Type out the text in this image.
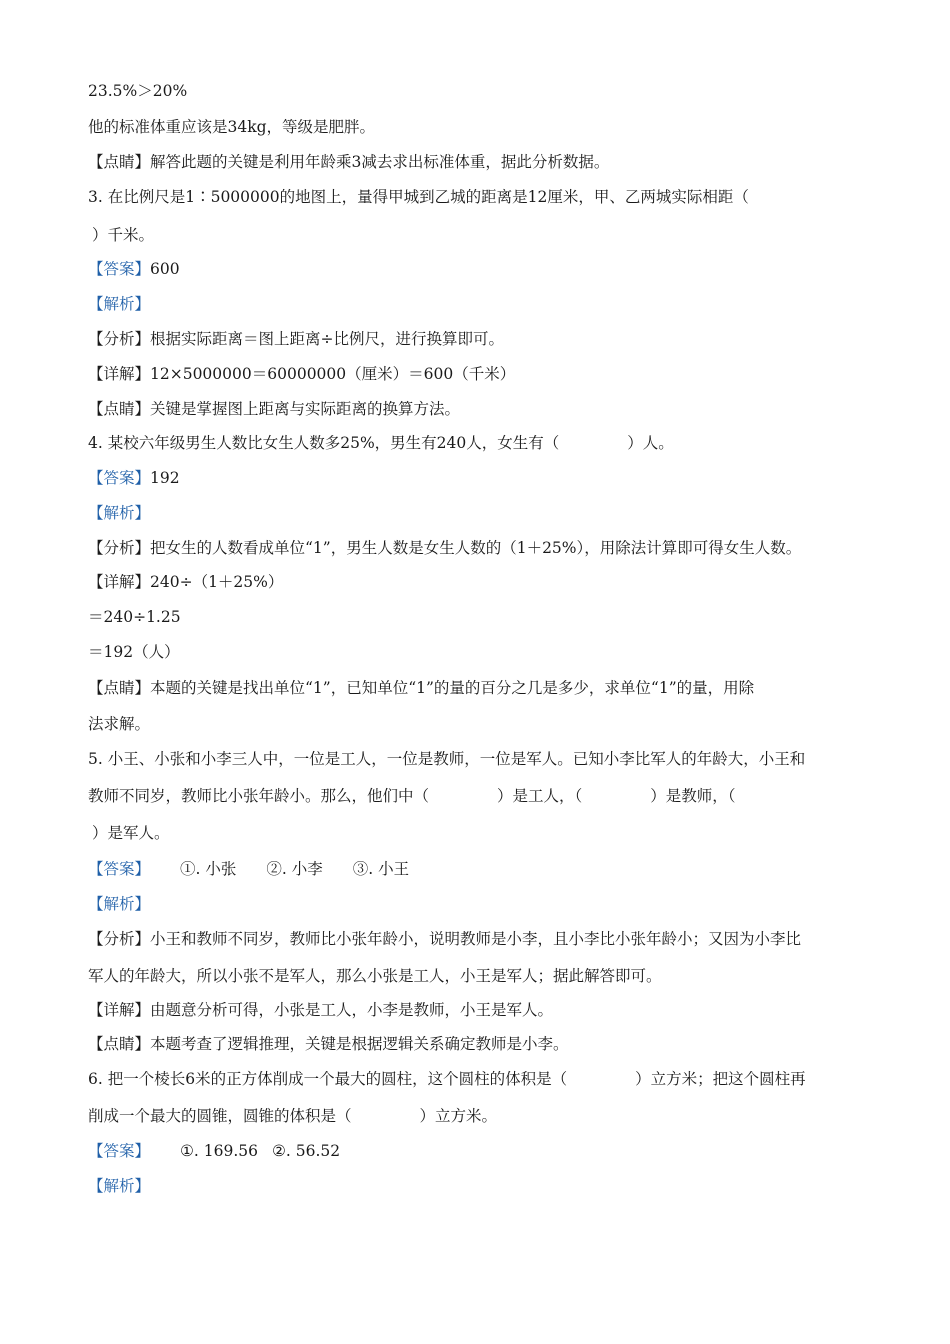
23.5%＞20%
他的标准体重应该是34kg，等级是肥胖。
【点睛】解答此题的关键是利用年龄乘3减去求出标准体重，据此分析数据。
3. 在比例尺是1∶5000000的地图上，量得甲城到乙城的距离是12厘米，甲、乙两城实际相距（
）千米。
【答案】600
【解析】
【分析】根据实际距离＝图上距离÷比例尺，进行换算即可。
【详解】12×5000000＝60000000（厘米）＝600（千米）
【点睛】关键是掌握图上距离与实际距离的换算方法。
4. 某校六年级男生人数比女生人数多25%，男生有240人，女生有（	）人。
【答案】192
【解析】
【分析】把女生的人数看成单位“1”，男生人数是女生人数的（1＋25%），用除法计算即可得女生人数。
【详解】240÷（1＋25%）
＝240÷1.25
＝192（人）
【点睛】本题的关键是找出单位“1”，已知单位“1”的量的百分之几是多少，求单位“1”的量，用除
法求解。
5. 小王、小张和小李三人中，一位是工人，一位是教师，一位是军人。已知小李比军人的年龄大，小王和
教师不同岁，教师比小张年龄小。那么，他们中（	）是工人，（	）是教师，（
）是军人。
【答案】 ①. 小张 ②. 小李 ③. 小王
【解析】
【分析】小王和教师不同岁，教师比小张年龄小，说明教师是小李，且小李比小张年龄小；又因为小李比
军人的年龄大，所以小张不是军人，那么小张是工人，小王是军人；据此解答即可。
【详解】由题意分析可得，小张是工人，小李是教师，小王是军人。
【点睛】本题考查了逻辑推理，关键是根据逻辑关系确定教师是小李。
6. 把一个棱长6米的正方体削成一个最大的圆柱，这个圆柱的体积是（	）立方米；把这个圆柱再
削成一个最大的圆锥，圆锥的体积是（	）立方米。
【答案】 ①. 169.56 ②. 56.52
【解析】
